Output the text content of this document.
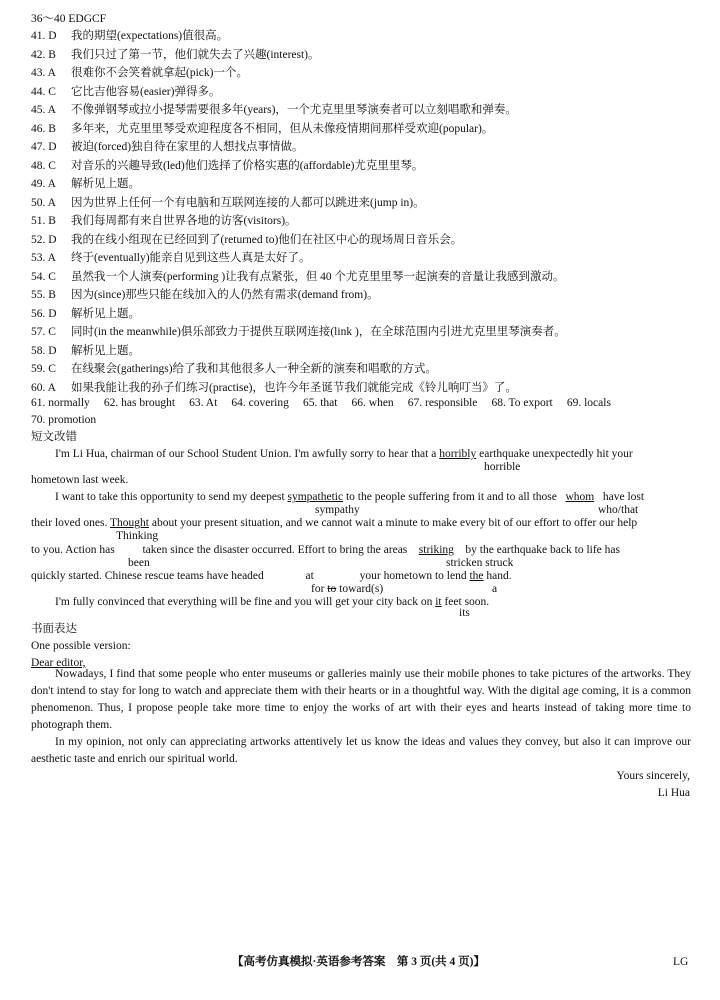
36～40 EDGCF
41. D 我的期望(expectations)值很高。
42. B 我们只过了第一节，他们就失去了兴趣(interest)。
43. A 很难你不会笑着就拿起(pick)一个。
44. C 它比吉他容易(easier)弹得多。
45. A 不像弹钢琴或拉小提琴需要很多年(years)，一个尤克里里琴演奏者可以立刻唱歌和弹奏。
46. B 多年来，尤克里里琴受欢迎程度各不相同，但从未像疫情期间那样受欢迎(popular)。
47. D 被迫(forced)独自待在家里的人想找点事情做。
48. C 对音乐的兴趣导致(led)他们选择了价格实惠的(affordable)尤克里里琴。
49. A 解析见上题。
50. A 因为世界上任何一个有电脑和互联网连接的人都可以跳进来(jump in)。
51. B 我们每周都有来自世界各地的访客(visitors)。
52. D 我的在线小组现在已经回到了(returned to)他们在社区中心的现场周日音乐会。
53. A 终于(eventually)能亲自见到这些人真是太好了。
54. C 虽然我一个人演奏(performing )让我有点紧张，但 40 个尤克里里琴一起演奏的音量让我感到激动。
55. B 因为(since)那些只能在线加入的人仍然有需求(demand from)。
56. D 解析见上题。
57. C 同时(in the meanwhile)俱乐部致力于提供互联网连接(link )，在全球范围内引进尤克里里琴演奏者。
58. D 解析见上题。
59. C 在线聚会(gatherings)给了我和其他很多人一种全新的演奏和唱歌的方式。
60. A 如果我能让我的孙子们练习(practise)，也许今年圣诞节我们就能完成《铃儿响叮当》了。
61. normally 62. has brought 63. At 64. covering 65. that 66. when 67. responsible 68. To export 69. locals
70. promotion
短文改错
I'm Li Hua, chairman of our School Student Union. I'm awfully sorry to hear that a horribly earthquake unexpectedly hit your
horrible
hometown last week.
I want to take this opportunity to send my deepest sympathetic to the people suffering from it and to all those whom have lost
sympathy	who/that
their loved ones. Thought about your present situation, and we cannot wait a minute to make every bit of our effort to offer our help
Thinking
to you. Action has taken since the disaster occurred. Effort to bring the areas striking by the earthquake back to life has
been	stricken struck
quickly started. Chinese rescue teams have headed	at	your hometown to lend the hand.
for to toward(s)	a
I'm fully convinced that everything will be fine and you will get your city back on it feet soon.
its
书面表达
One possible version:
Dear editor,
Nowadays, I find that some people who enter museums or galleries mainly use their mobile phones to take pictures of the artworks. They don't intend to stay for long to watch and appreciate them with their hearts or in a thoughtful way. With the digital age coming, it is a common phenomenon. Thus, I propose people take more time to enjoy the works of art with their eyes and hearts instead of taking more time to photograph them.
In my opinion, not only can appreciating artworks attentively let us know the ideas and values they convey, but also it can improve our aesthetic taste and enrich our spiritual world.
Yours sincerely,
Li Hua
【高考仿真模拟·英语参考答案　第 3 页(共 4 页)】	LG
